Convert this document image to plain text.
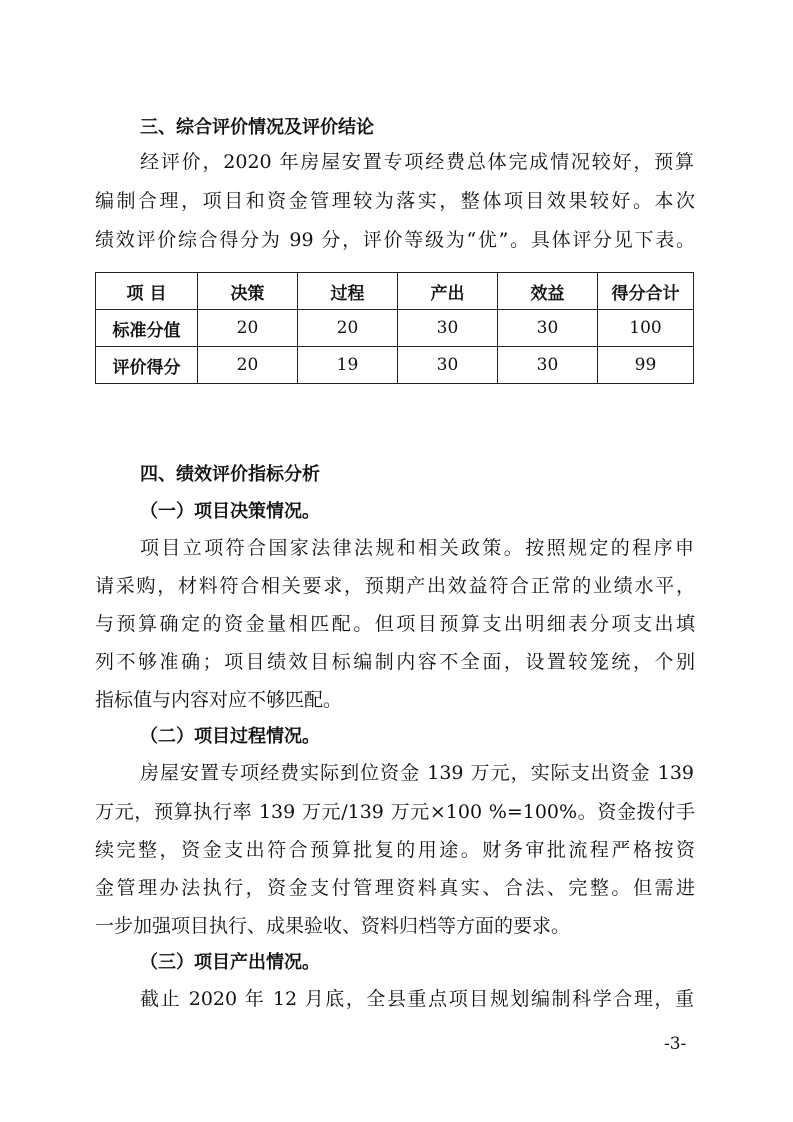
三、综合评价情况及评价结论
经评价，2020 年房屋安置专项经费总体完成情况较好，预算
编制合理，项目和资金管理较为落实，整体项目效果较好。本次
绩效评价综合得分为 99 分，评价等级为“优”。具体评分见下表。
项 目	决策	过程	产出	效益	得分合计
标准分值	20	20	30	30	100
评价得分	20	19	30	30	99
四、绩效评价指标分析
（一）项目决策情况。
项目立项符合国家法律法规和相关政策。按照规定的程序申
请采购，材料符合相关要求，预期产出效益符合正常的业绩水平，
与预算确定的资金量相匹配。但项目预算支出明细表分项支出填
列不够准确；项目绩效目标编制内容不全面，设置较笼统，个别
指标值与内容对应不够匹配。
（二）项目过程情况。
房屋安置专项经费实际到位资金 139 万元，实际支出资金 139
万元，预算执行率 139 万元/139 万元×100 %=100%。资金拨付手
续完整，资金支出符合预算批复的用途。财务审批流程严格按资
金管理办法执行，资金支付管理资料真实、合法、完整。但需进
一步加强项目执行、成果验收、资料归档等方面的要求。
（三）项目产出情况。
截止 2020 年 12 月底，全县重点项目规划编制科学合理，重
-3-
